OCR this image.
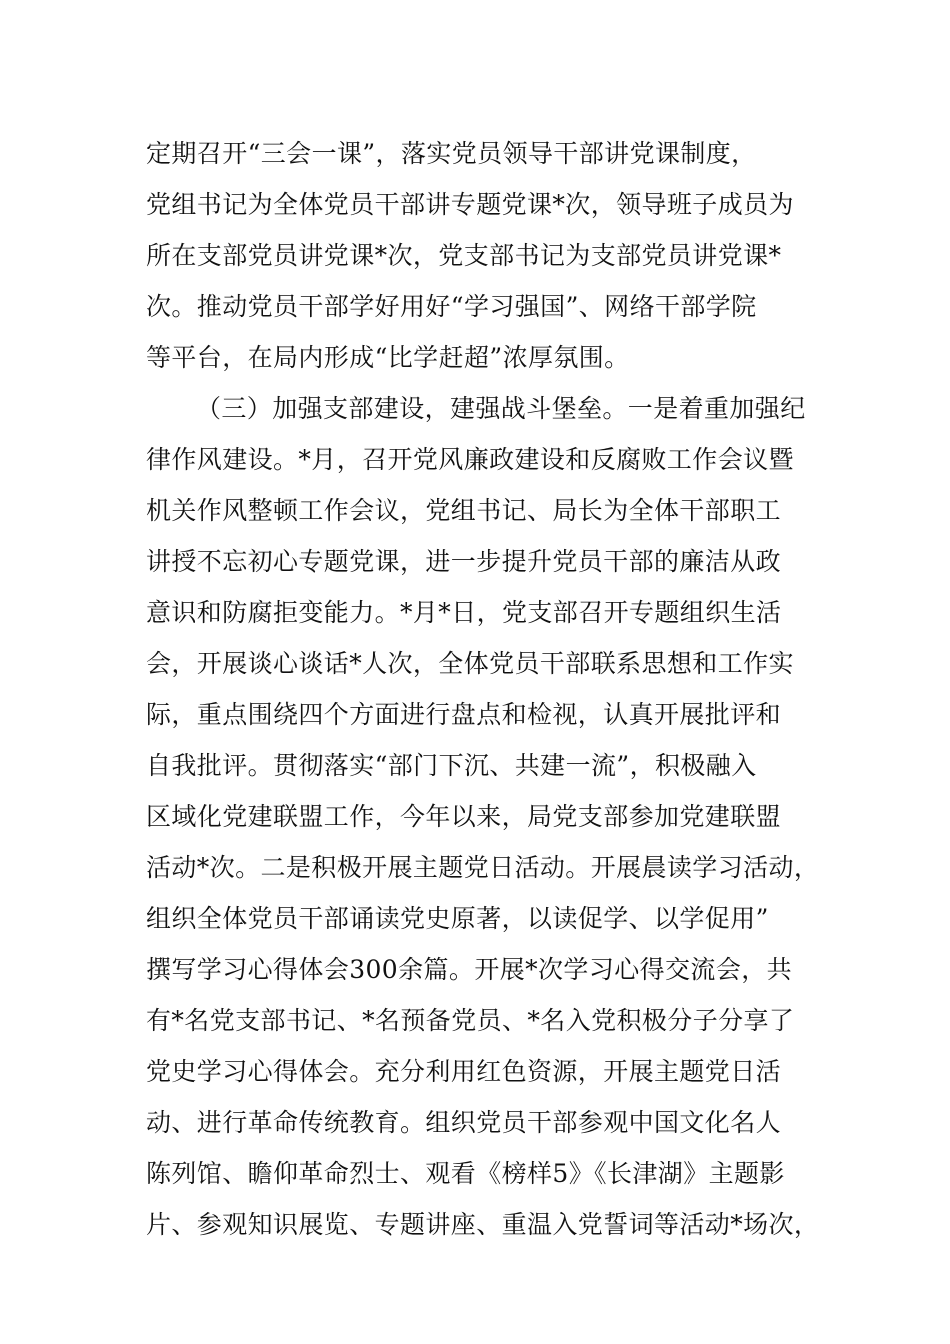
定期召开“三会一课”，落实党员领导干部讲党课制度，
党组书记为全体党员干部讲专题党课*次，领导班子成员为
所在支部党员讲党课*次，党支部书记为支部党员讲党课*
次。推动党员干部学好用好“学习强国”、网络干部学院
等平台，在局内形成“比学赶超”浓厚氛围。
（三）加强支部建设，建强战斗堡垒。一是着重加强纪
律作风建设。*月，召开党风廉政建设和反腐败工作会议暨
机关作风整顿工作会议，党组书记、局长为全体干部职工
讲授不忘初心专题党课，进一步提升党员干部的廉洁从政
意识和防腐拒变能力。*月*日，党支部召开专题组织生活
会，开展谈心谈话*人次，全体党员干部联系思想和工作实
际，重点围绕四个方面进行盘点和检视，认真开展批评和
自我批评。贯彻落实“部门下沉、共建一流”，积极融入
区域化党建联盟工作，今年以来，局党支部参加党建联盟
活动*次。二是积极开展主题党日活动。开展晨读学习活动，
组织全体党员干部诵读党史原著，以读促学、以学促用”
撰写学习心得体会300余篇。开展*次学习心得交流会，共
有*名党支部书记、*名预备党员、*名入党积极分子分享了
党史学习心得体会。充分利用红色资源，开展主题党日活
动、进行革命传统教育。组织党员干部参观中国文化名人
陈列馆、瞻仰革命烈士、观看《榜样5》《长津湖》主题影
片、参观知识展览、专题讲座、重温入党誓词等活动*场次，
